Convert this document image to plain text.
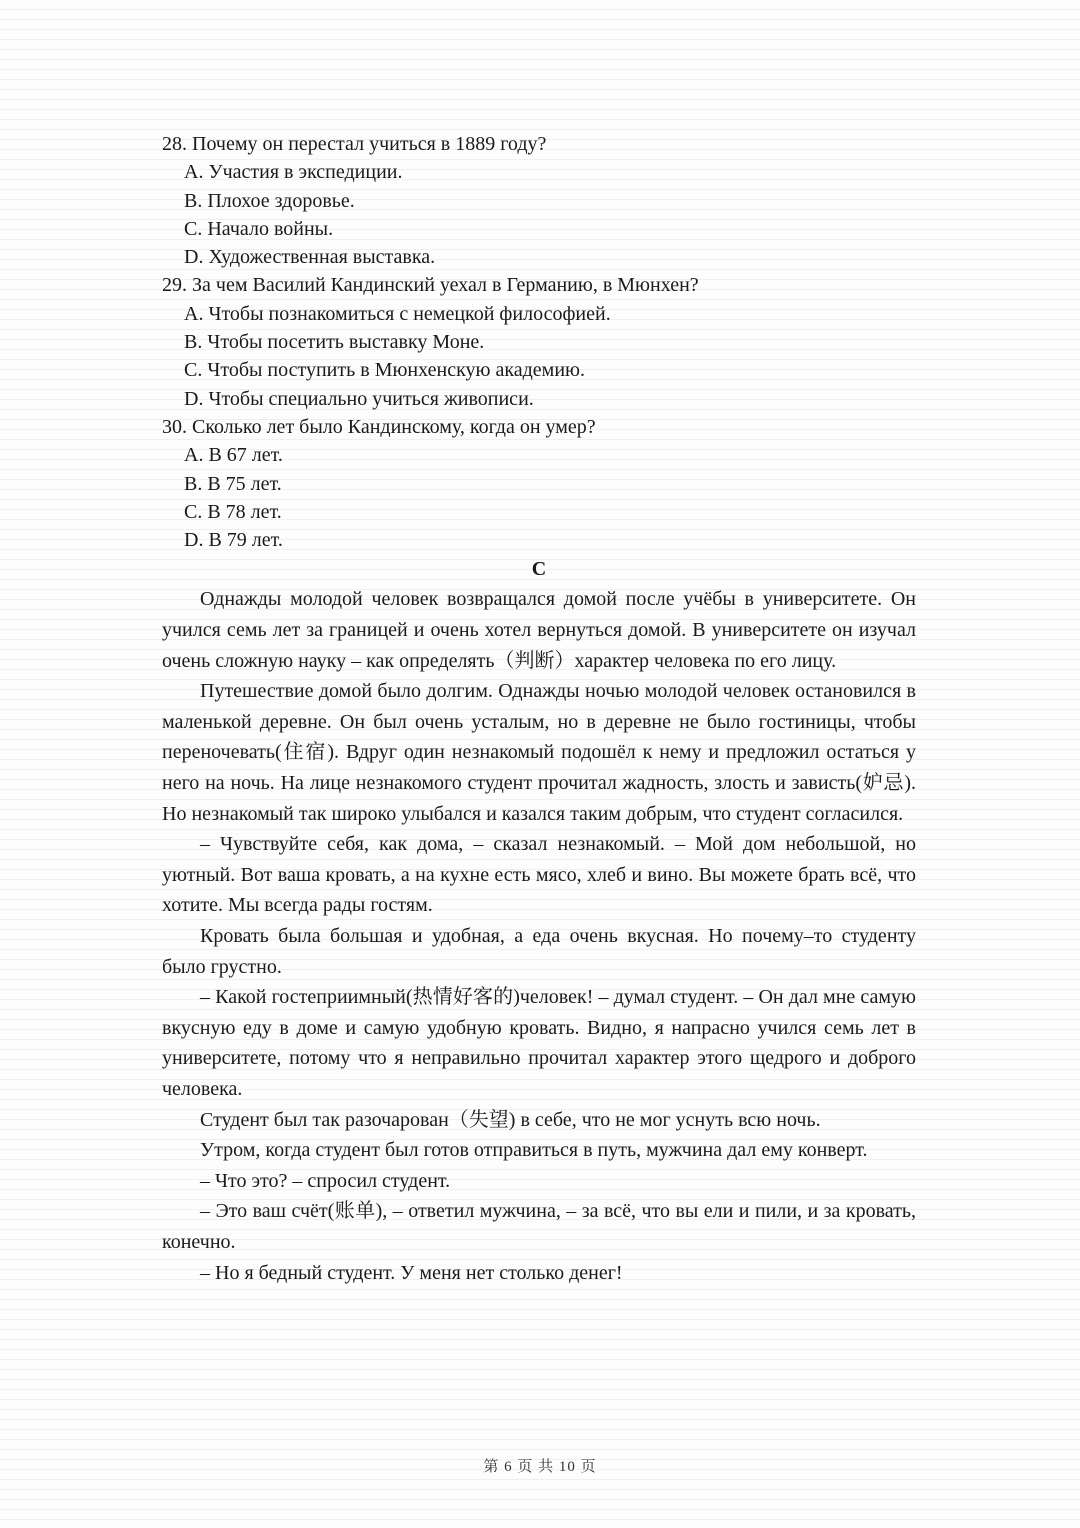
28. Почему он перестал учиться в 1889 году?

A. Участия в экспедиции.

B. Плохое здоровье.

C. Начало войны.

D. Художественная выставка.

29. За чем Василий Кандинский уехал в Германию, в Мюнхен?

A. Чтобы познакомиться с немецкой философией.

B. Чтобы посетить выставку Моне.

C. Чтобы поступить в Мюнхенскую академию.

D. Чтобы специально учиться живописи.

30. Сколько лет было Кандинскому, когда он умер?

A. В 67 лет.

B. В 75 лет.

C. В 78 лет.

D. В 79 лет.

C

Однажды молодой человек возвращался домой после учёбы в университете. Он учился семь лет за границей и очень хотел вернуться домой. В университете он изучал очень сложную науку – как определять（判断）характер человека по его лицу.

Путешествие домой было долгим. Однажды ночью молодой человек остановился в маленькой деревне. Он был очень усталым, но в деревне не было гостиницы, чтобы переночевать(住宿). Вдруг один незнакомый подошёл к нему и предложил остаться у него на ночь. На лице незнакомого студент прочитал жадность, злость и зависть(妒忌). Но незнакомый так широко улыбался и казался таким добрым, что студент согласился.

– Чувствуйте себя, как дома, – сказал незнакомый. – Мой дом небольшой, но уютный. Вот ваша кровать, а на кухне есть мясо, хлеб и вино. Вы можете брать всё, что хотите. Мы всегда рады гостям.

Кровать была большая и удобная, а еда очень вкусная. Но почему–то студенту было грустно.

– Какой гостеприимный(热情好客的)человек! – думал студент. – Он дал мне самую вкусную еду в доме и самую удобную кровать. Видно, я напрасно учился семь лет в университете, потому что я неправильно прочитал характер этого щедрого и доброго человека.

Студент был так разочарован（失望) в себе, что не мог уснуть всю ночь.

Утром, когда студент был готов отправиться в путь, мужчина дал ему конверт.

– Что это? – спросил студент.

– Это ваш счёт(账单), – ответил мужчина, – за всё, что вы ели и пили, и за кровать, конечно.

– Но я бедный студент. У меня нет столько денег!

第 6 页 共 10 页
